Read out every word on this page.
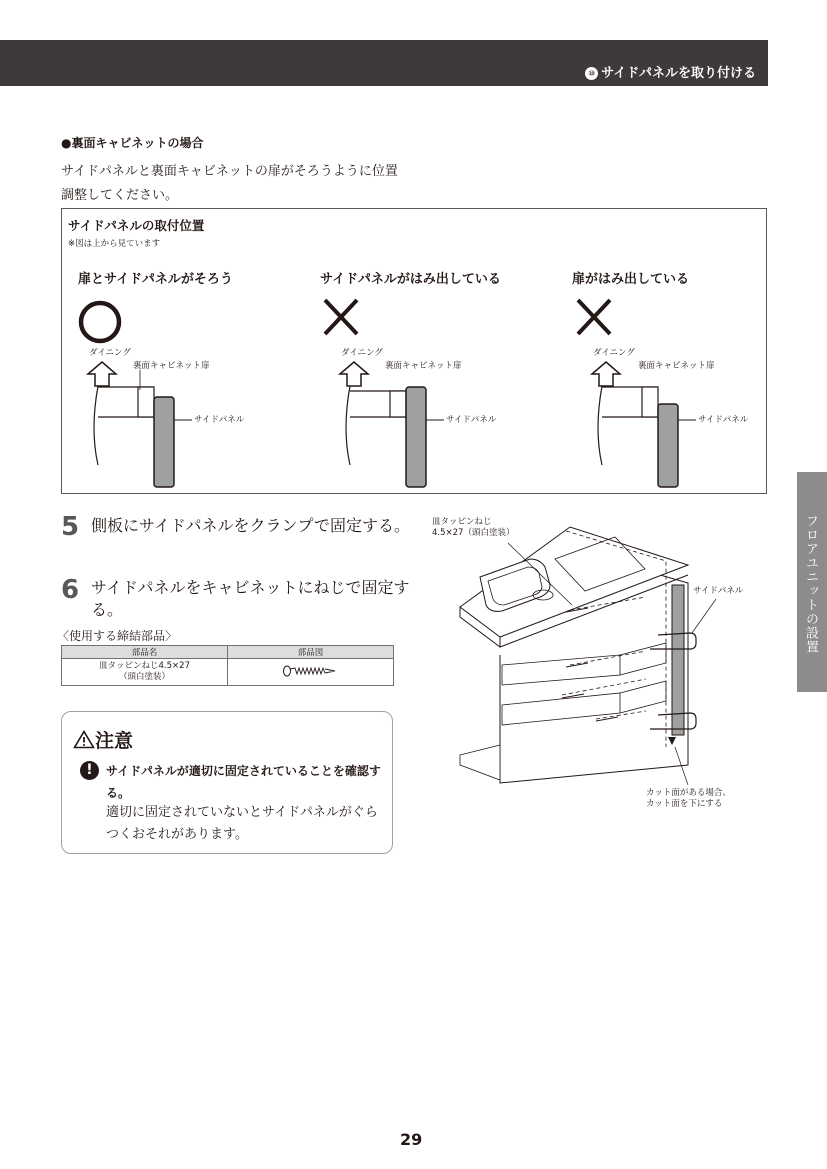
⑩ サイドパネルを取り付ける
フロアユニットの設置
●裏面キャビネットの場合
サイドパネルと裏面キャビネットの扉がそろうように位置調整してください。
サイドパネルの取付位置
※図は上から見ています
扉とサイドパネルがそろう	サイドパネルがはみ出している	扉がはみ出している
ダイニング
裏面キャビネット扉
サイドパネル
ダイニング
裏面キャビネット扉
サイドパネル
ダイニング
裏面キャビネット扉
サイドパネル
5 側板にサイドパネルをクランプで固定する。
6 サイドパネルをキャビネットにねじで固定する。
〈使用する締結部品〉
部品名	部品図
皿タッピンねじ4.5×27
（頭白塗装）	
注意
!	サイドパネルが適切に固定されていることを確認する。
適切に固定されていないとサイドパネルがぐらつくおそれがあります。
皿タッピンねじ
4.5×27（頭白塗装）
サイドパネル
カット面がある場合、
カット面を下にする
29
